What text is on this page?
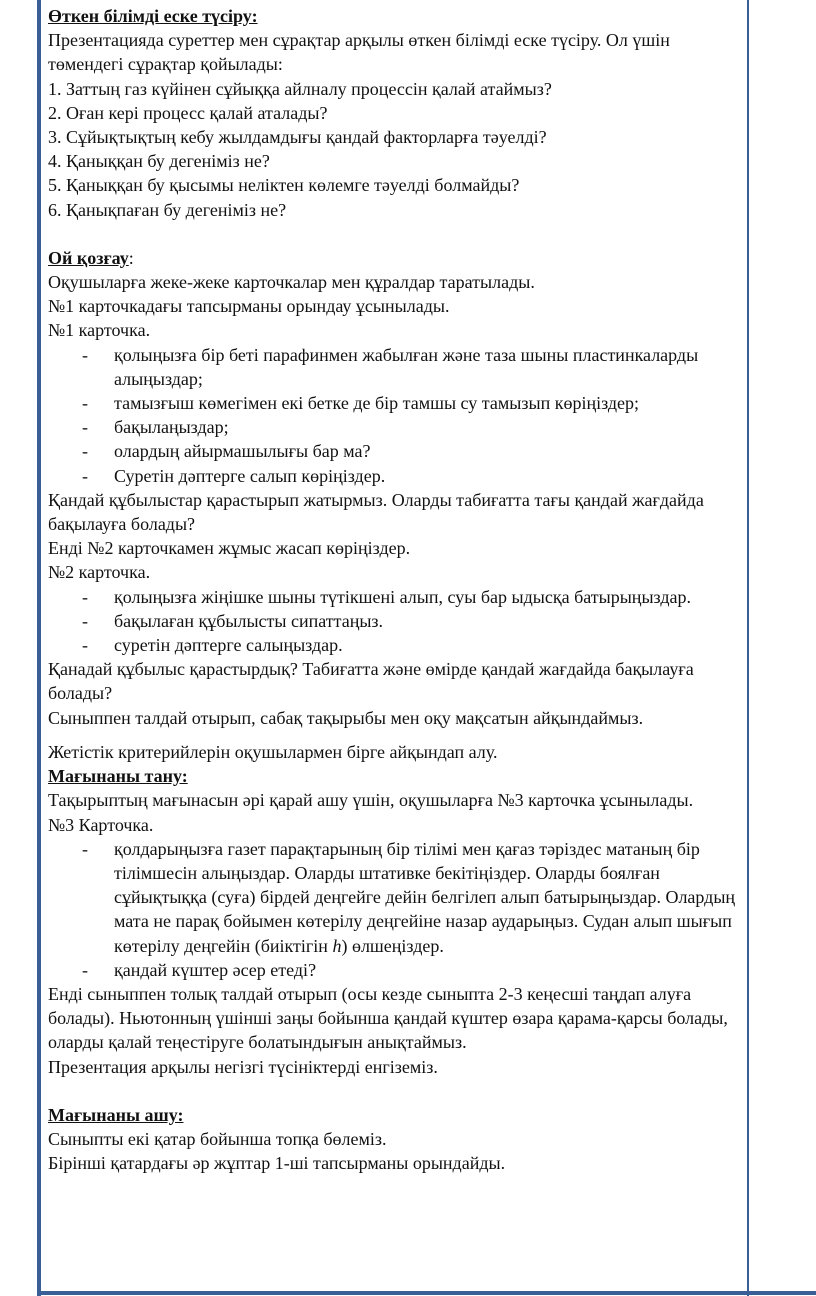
Өткен білімді еске түсіру:
Презентацияда суреттер мен сұрақтар арқылы өткен білімді еске түсіру. Ол үшін төмендегі сұрақтар қойылады:
1. Заттың газ күйінен сұйыққа айлналу процессін қалай атаймыз?
2. Оған кері процесс қалай аталады?
3. Сұйықтықтың кебу жылдамдығы қандай факторларға тәуелді?
4. Қаныққан бу дегеніміз не?
5. Қаныққан бу қысымы неліктен көлемге тәуелді болмайды?
6. Қанықпаған бу дегеніміз не?
Ой қозғау:
Оқушыларға жеке-жеке карточкалар мен құралдар таратылады.
№1 карточкадағы тапсырманы орындау ұсынылады.
№1 карточка.
- қолыңызға бір беті парафинмен жабылған және таза шыны пластинкаларды алыңыздар;
- тамызғыш көмегімен екі бетке де бір тамшы су тамызып көріңіздер;
- бақылаңыздар;
- олардың айырмашылығы бар ма?
- Суретін дәптерге салып көріңіздер.
Қандай құбылыстар қарастырып жатырмыз. Оларды табиғатта тағы қандай жағдайда бақылауға болады?
Енді №2 карточкамен жұмыс жасап көріңіздер.
№2 карточка.
- қолыңызға жіңішке шыны түтікшені алып, суы бар ыдысқа батырыңыздар.
- бақылаған құбылысты сипаттаңыз.
- суретін дәптерге салыңыздар.
Қанадай құбылыс қарастырдық? Табиғатта және өмірде қандай жағдайда бақылауға болады?
Сыныппен талдай отырып, сабақ тақырыбы мен оқу мақсатын айқындаймыз.
Жетістік критерийлерін оқушылармен бірге айқындап алу.
Мағынаны тану:
Тақырыптың мағынасын әрі қарай ашу үшін, оқушыларға №3 карточка ұсынылады.
№3 Карточка.
- қолдарыңызға газет парақтарының бір тілімі мен қағаз тәріздес матаның бір тілімшесін алыңыздар. Оларды штативке бекітіңіздер. Оларды боялған сұйықтыққа (суға) бірдей деңгейге дейін белгілеп алып батырыңыздар. Олардың мата не парақ бойымен көтерілу деңгейіне назар аударыңыз. Судан алып шығып көтерілу деңгейін (биіктігін h) өлшеңіздер.
- қандай күштер әсер етеді?
Енді сыныппен толық талдай отырып (осы кезде сыныпта 2-3 кеңесші таңдап алуға болады). Ньютонның үшінші заңы бойынша қандай күштер өзара қарама-қарсы болады, оларды қалай теңестіруге болатындығын анықтаймыз.
Презентация арқылы негізгі түсініктерді енгіземіз.
Мағынаны ашу:
Сыныпты екі қатар бойынша топқа бөлеміз.
Бірінші қатардағы әр жұптар 1-ші тапсырманы орындайды.
